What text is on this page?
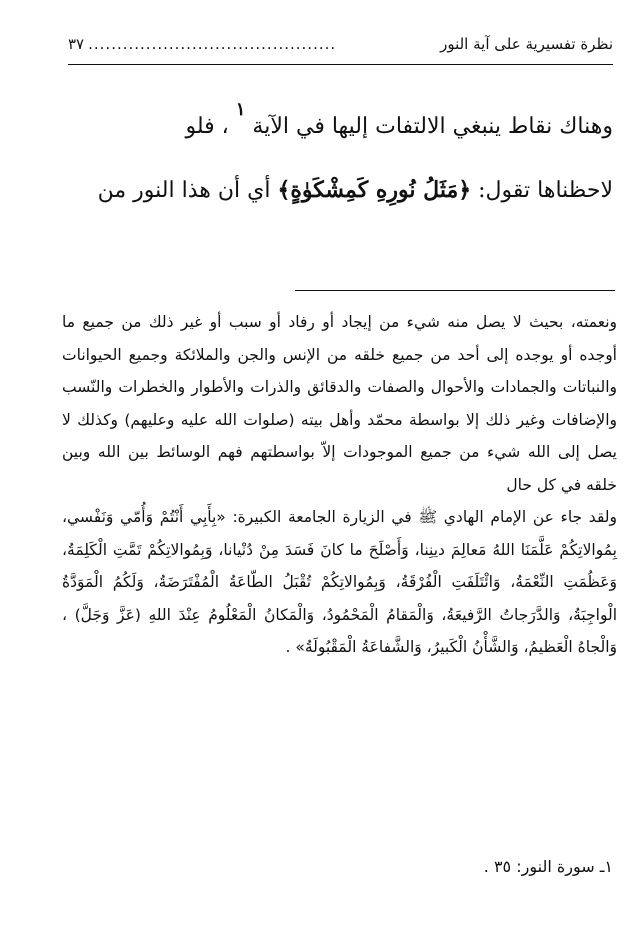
نظرة تفسيرية على آية النور
...........................................
٣٧

وهناك نقاط ينبغي الالتفات إليها في الآية $^١$ ، فلو

لاحظناها تقول: ﴿مَثَلُ نُورِهِ كَمِشْكَوٰةٍ﴾ أي أن هذا النور من

ونعمته، بحيث لا يصل منه شيء من إيجاد أو رفاد أو سبب أو غير ذلك من جميع ما أوجده أو يوجده إلى أحد من جميع خلقه من الإنس والجن والملائكة وجميع الحيوانات والنباتات والجمادات والأحوال والصفات والدقائق والذرات والأطوار والخطرات والنّسب والإضافات وغير ذلك إلا بواسطة محمّد وأهل بيته (صلوات الله عليه وعليهم) وكذلك لا يصل إلى الله شيء من جميع الموجودات إلاّ بواسطتهم فهم الوسائط بين الله وبين خلقه في كل حال

ولقد جاء عن الإمام الهادي ﷺ في الزيارة الجامعة الكبيرة: «بِأَبِي أَنْتُمْ وَأُمّي وَنَفْسي، بِمُوالاتِكُمْ عَلَّمَنَا اللهُ مَعالِمَ دينِنا، وَأَصْلَحَ ما كانَ فَسَدَ مِنْ دُنْيانا، وَبِمُوالاتِكُمْ تَمَّتِ الْكَلِمَةُ، وَعَظُمَتِ النِّعْمَةُ، وَائْتَلَفَتِ الْفُرْقَةُ، وَبِمُوالاتِكُمْ تُقْبَلُ الطّاعَةُ الْمُفْتَرَضَةُ، وَلَكُمُ الْمَوَدَّةُ الْواجِبَةُ، وَالدَّرَجاتُ الرَّفيعَةُ، وَالْمَقامُ الْمَحْمُودُ، وَالْمَكانُ الْمَعْلُومُ عِنْدَ اللهِ (عَزَّ وَجَلَّ) ، وَالْجاهُ الْعَظيمُ، وَالشَّأْنُ الْكَبيرُ، وَالشَّفاعَةُ الْمَقْبُولَةُ» .

١ـ سورة النور: ٣٥ .
